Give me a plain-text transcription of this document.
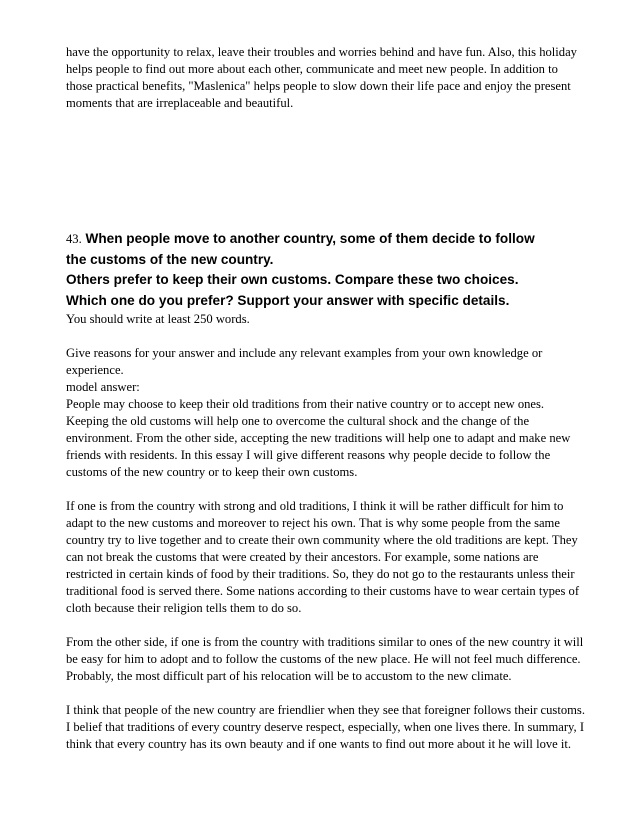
have the opportunity to relax, leave their troubles and worries behind and have fun. Also, this holiday helps people to find out more about each other, communicate and meet new people. In addition to those practical benefits, "Maslenica" helps people to slow down their life pace and enjoy the present moments that are irreplaceable and beautiful.

43. When people move to another country, some of them decide to follow
the customs of the new country.
Others prefer to keep their own customs. Compare these two choices.
Which one do you prefer? Support your answer with specific details.

You should write at least 250 words.

Give reasons for your answer and include any relevant examples from your own knowledge or experience.

model answer:

People may choose to keep their old traditions from their native country or to accept new ones. Keeping the old customs will help one to overcome the cultural shock and the change of the environment. From the other side, accepting the new traditions will help one to adapt and make new friends with residents. In this essay I will give different reasons why people decide to follow the customs of the new country or to keep their own customs.

If one is from the country with strong and old traditions, I think it will be rather difficult for him to adapt to the new customs and moreover to reject his own. That is why some people from the same country try to live together and to create their own community where the old traditions are kept. They can not break the customs that were created by their ancestors. For example, some nations are restricted in certain kinds of food by their traditions. So, they do not go to the restaurants unless their traditional food is served there. Some nations according to their customs have to wear certain types of cloth because their religion tells them to do so.

From the other side, if one is from the country with traditions similar to ones of the new country it will be easy for him to adopt and to follow the customs of the new place. He will not feel much difference. Probably, the most difficult part of his relocation will be to accustom to the new climate.

I think that people of the new country are friendlier when they see that foreigner follows their customs. I belief that traditions of every country deserve respect, especially, when one lives there. In summary, I think that every country has its own beauty and if one wants to find out more about it he will love it.
